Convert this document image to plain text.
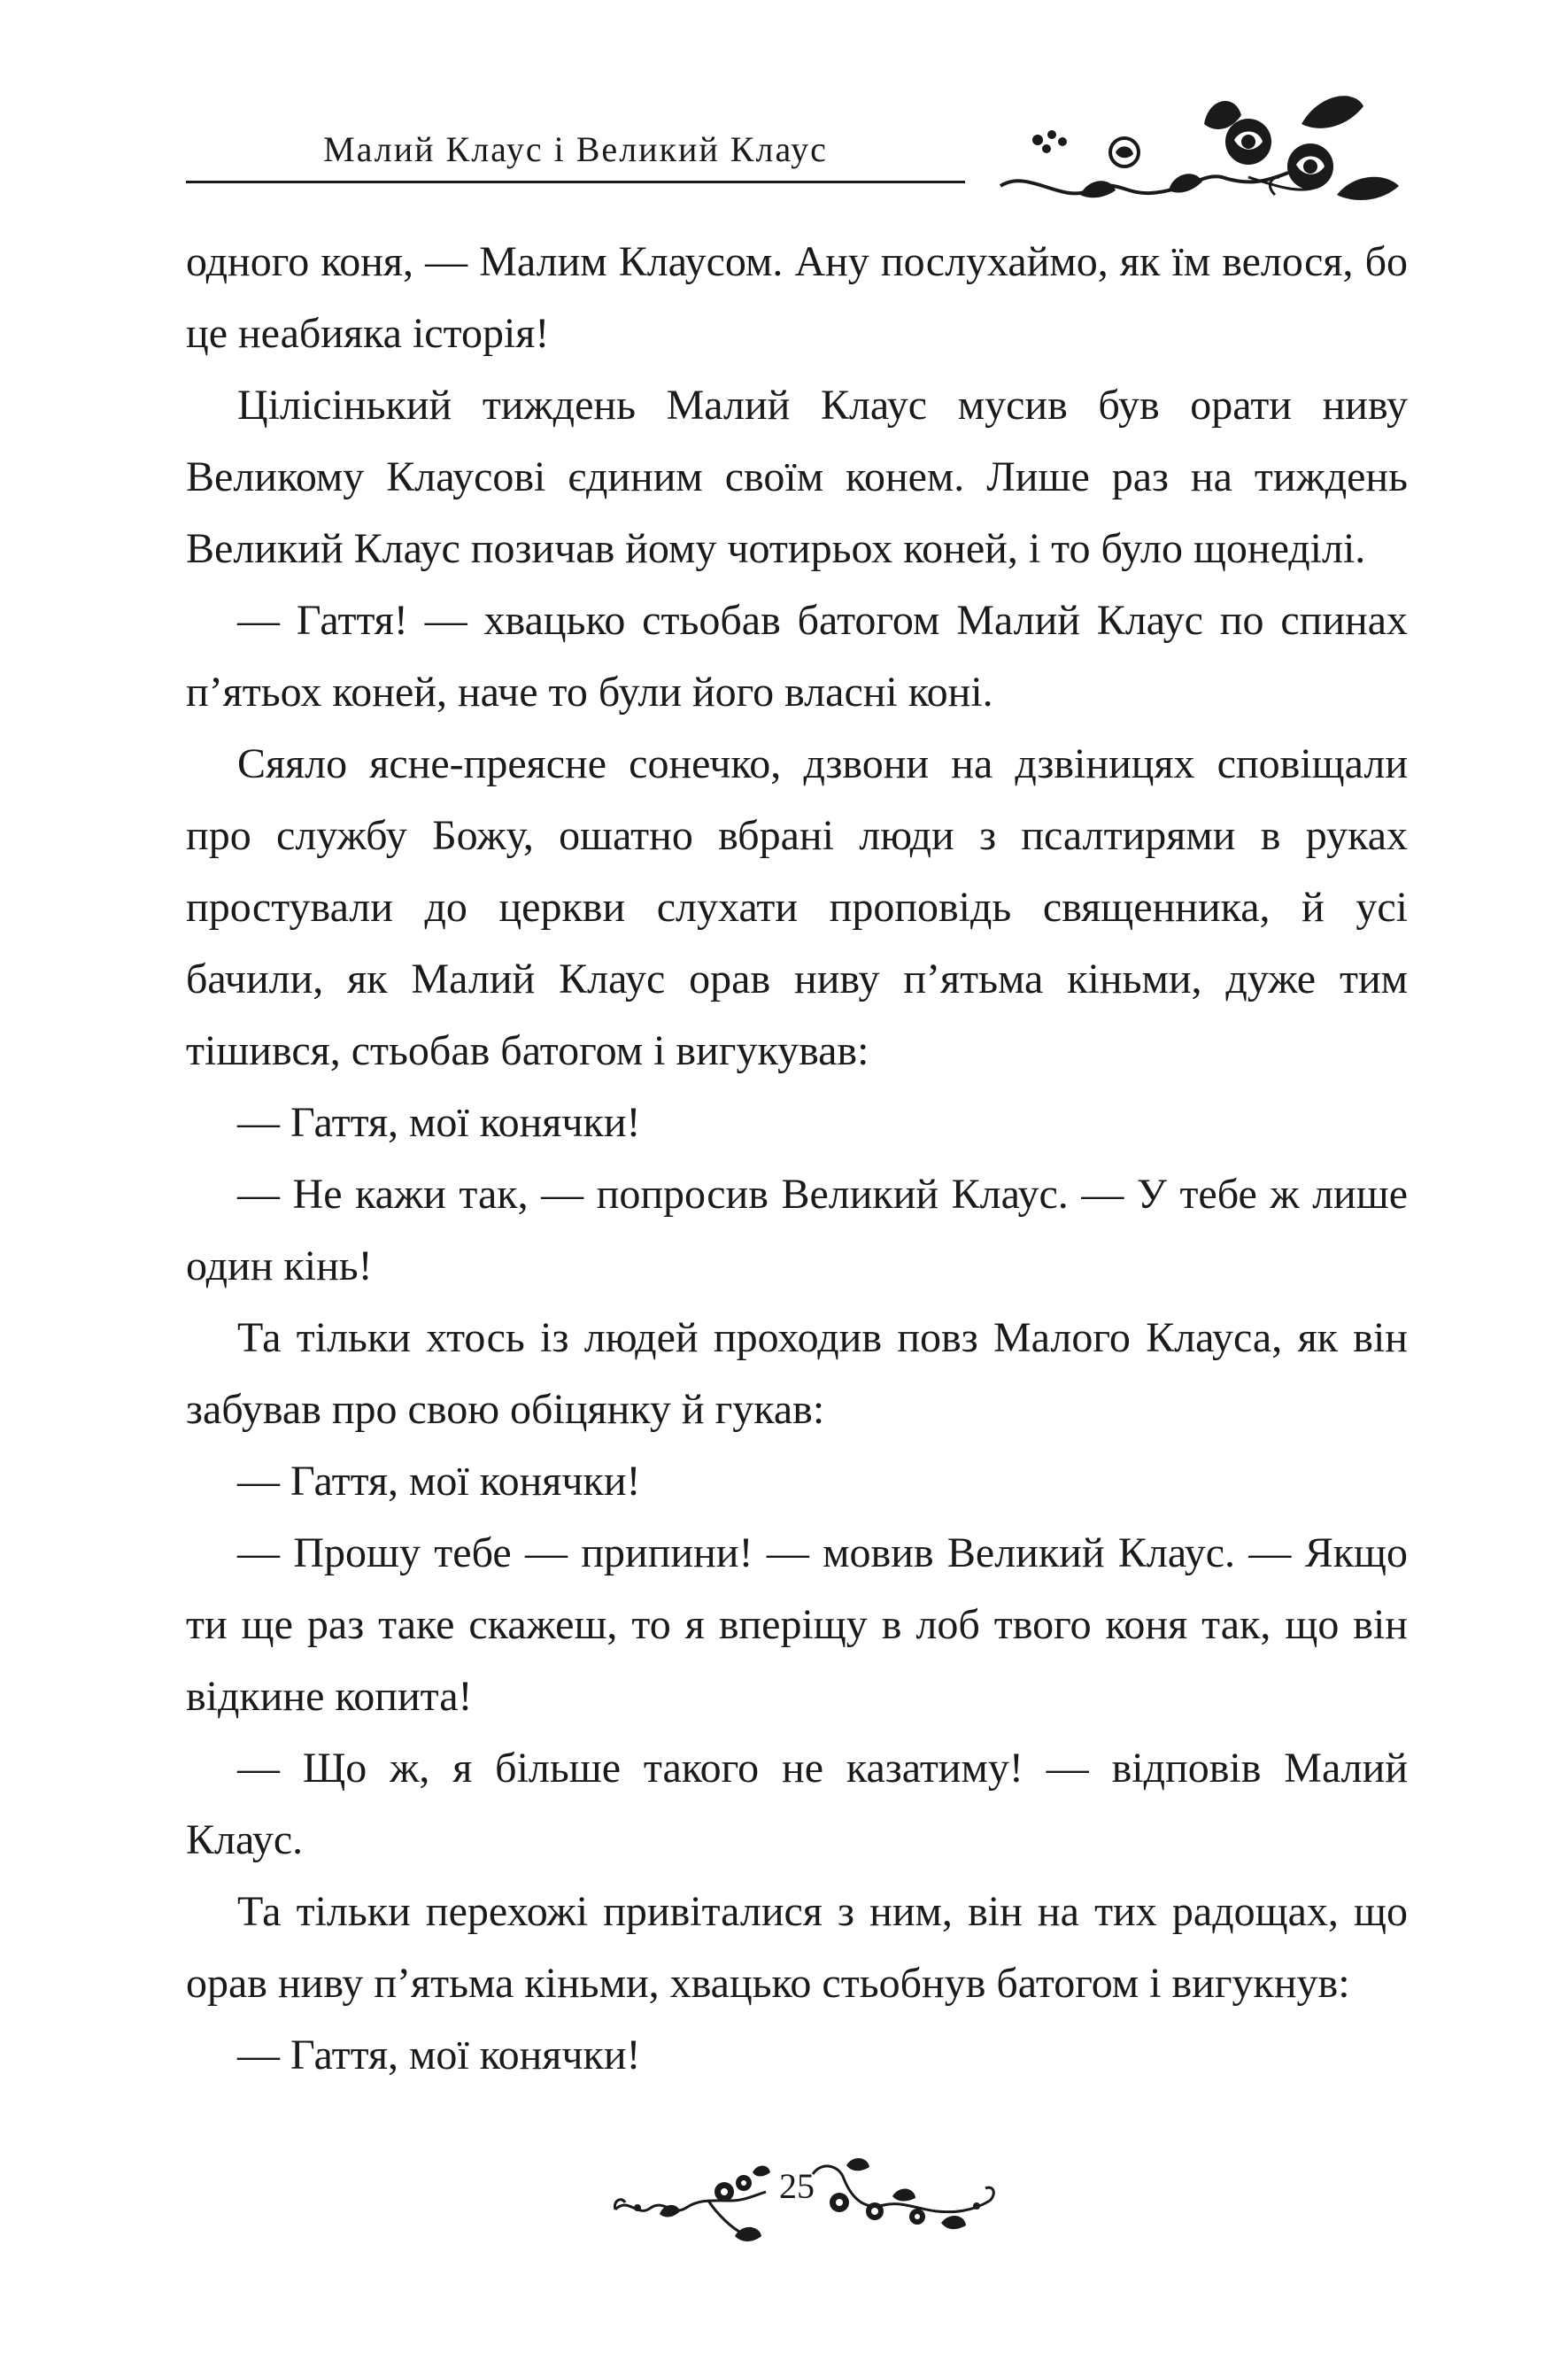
Малий Клаус і Великий Клаус

одного коня, — Малим Клаусом. Ану послухаймо, як їм велося, бо це неабияка історія!

Цілісінький тиждень Малий Клаус мусив був орати ниву Великому Клаусові єдиним своїм конем. Лише раз на тиждень Великий Клаус позичав йому чотирьох коней, і то було щонеділі.

— Гаття! — хвацько стьобав батогом Малий Клаус по спинах п’ятьох коней, наче то були його власні коні.

Сяяло ясне-преясне сонечко, дзвони на дзвіницях сповіщали про службу Божу, ошатно вбрані люди з псалтирями в руках простували до церкви слухати проповідь священника, й усі бачили, як Малий Клаус орав ниву п’ятьма кіньми, дуже тим тішився, стьобав батогом і вигукував:

— Гаття, мої конячки!

— Не кажи так, — попросив Великий Клаус. — У тебе ж лише один кінь!

Та тільки хтось із людей проходив повз Малого Клауса, як він забував про свою обіцянку й гукав:

— Гаття, мої конячки!

— Прошу тебе — припини! — мовив Великий Клаус. — Якщо ти ще раз таке скажеш, то я вперіщу в лоб твого коня так, що він відкине копита!

— Що ж, я більше такого не казатиму! — відповів Малий Клаус.

Та тільки перехожі привіталися з ним, він на тих радощах, що орав ниву п’ятьма кіньми, хвацько стьобнув батогом і вигукнув:

— Гаття, мої конячки!

25
